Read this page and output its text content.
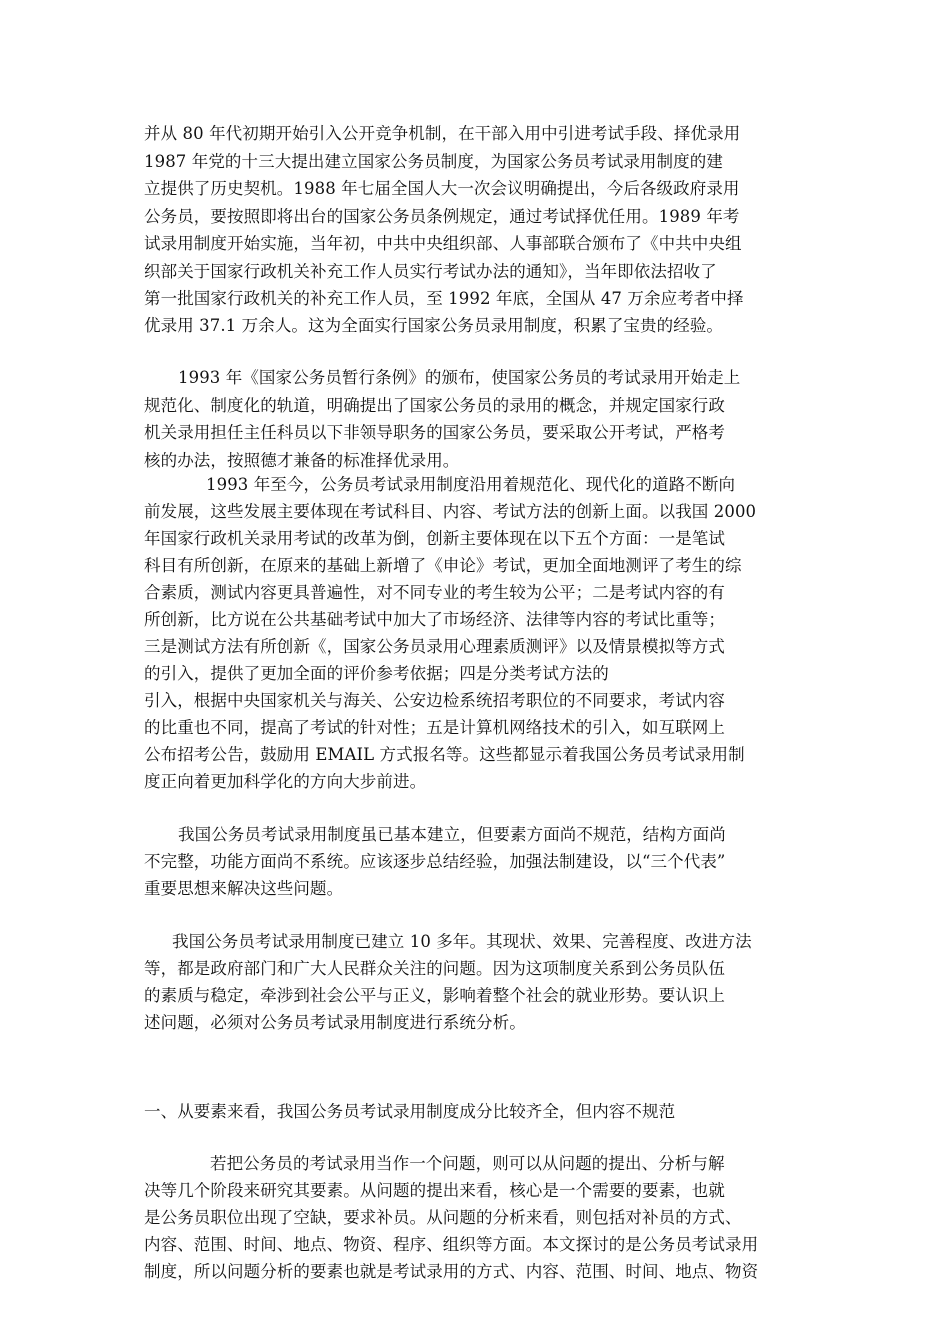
并从 80 年代初期开始引入公开竞争机制，在干部入用中引进考试手段、择优录用
1987 年党的十三大提出建立国家公务员制度，为国家公务员考试录用制度的建
立提供了历史契机。1988 年七届全国人大一次会议明确提出，今后各级政府录用
公务员，要按照即将出台的国家公务员条例规定，通过考试择优任用。1989 年考
试录用制度开始实施，当年初，中共中央组织部、人事部联合颁布了《中共中央组
织部关于国家行政机关补充工作人员实行考试办法的通知》，当年即依法招收了
第一批国家行政机关的补充工作人员，至 1992 年底，全国从 47 万余应考者中择
优录用 37.1 万余人。这为全面实行国家公务员录用制度，积累了宝贵的经验。
1993 年《国家公务员暂行条例》的颁布，使国家公务员的考试录用开始走上
规范化、制度化的轨道，明确提出了国家公务员的录用的概念，并规定国家行政
机关录用担任主任科员以下非领导职务的国家公务员，要采取公开考试，严格考
核的办法，按照德才兼备的标准择优录用。
1993 年至今，公务员考试录用制度沿用着规范化、现代化的道路不断向
前发展，这些发展主要体现在考试科目、内容、考试方法的创新上面。以我国 2000
年国家行政机关录用考试的改革为倒，创新主要体现在以下五个方面：一是笔试
科目有所创新，在原来的基础上新增了《申论》考试，更加全面地测评了考生的综
合素质，测试内容更具普遍性，对不同专业的考生较为公平；二是考试内容的有
所创新，比方说在公共基础考试中加大了市场经济、法律等内容的考试比重等；
三是测试方法有所创新《，国家公务员录用心理素质测评》以及情景模拟等方式
的引入，提供了更加全面的评价参考依据；四是分类考试方法的
引入，根据中央国家机关与海关、公安边检系统招考职位的不同要求，考试内容
的比重也不同，提高了考试的针对性；五是计算机网络技术的引入，如互联网上
公布招考公告，鼓励用 EMAIL 方式报名等。这些都显示着我国公务员考试录用制
度正向着更加科学化的方向大步前进。
我国公务员考试录用制度虽已基本建立，但要素方面尚不规范，结构方面尚
不完整，功能方面尚不系统。应该逐步总结经验，加强法制建设，以“三个代表”
重要思想来解决这些问题。
我国公务员考试录用制度已建立 10 多年。其现状、效果、完善程度、改进方法
等，都是政府部门和广大人民群众关注的问题。因为这项制度关系到公务员队伍
的素质与稳定，牵涉到社会公平与正义，影响着整个社会的就业形势。要认识上
述问题，必须对公务员考试录用制度进行系统分析。
一、从要素来看，我国公务员考试录用制度成分比较齐全，但内容不规范
若把公务员的考试录用当作一个问题，则可以从问题的提出、分析与解
决等几个阶段来研究其要素。从问题的提出来看，核心是一个需要的要素，也就
是公务员职位出现了空缺，要求补员。从问题的分析来看，则包括对补员的方式、
内容、范围、时间、地点、物资、程序、组织等方面。本文探讨的是公务员考试录用
制度，所以问题分析的要素也就是考试录用的方式、内容、范围、时间、地点、物资
